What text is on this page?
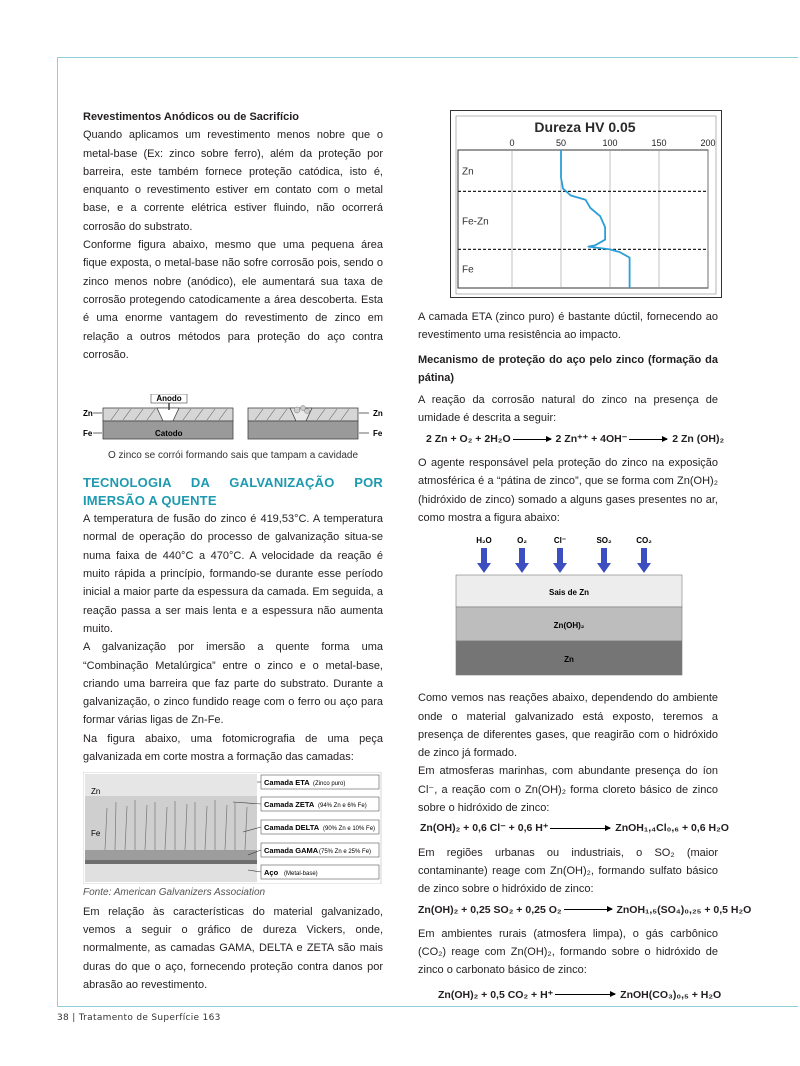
Revestimentos Anódicos ou de Sacrifício

Quando aplicamos um revestimento menos nobre que o metal-base (Ex: zinco sobre ferro), além da proteção por barreira, este também fornece proteção catódica, isto é, enquanto o revestimento estiver em contato com o metal base, e a corrente elétrica estiver fluindo, não ocorrerá corrosão do substrato.

Conforme figura abaixo, mesmo que uma pequena área fique exposta, o metal-base não sofre corrosão pois, sendo o zinco menos nobre (anódico), ele aumentará sua taxa de corrosão protegendo catodicamente a área descoberta. Esta é uma enorme vantagem do revestimento de zinco em relação a outros métodos para proteção do aço contra corrosão.

Anodo
Zn
Fe	Catodo
Zn
Fe
O zinco se corrói formando sais que tampam a cavidade

TECNOLOGIA DA GALVANIZAÇÃO POR IMERSÃO A QUENTE

A temperatura de fusão do zinco é 419,53°C. A temperatura normal de operação do processo de galvanização situa-se numa faixa de 440°C a 470°C. A velocidade da reação é muito rápida a princípio, formando-se durante esse período inicial a maior parte da espessura da camada. Em seguida, a reação passa a ser mais lenta e a espessura não aumenta muito.

A galvanização por imersão a quente forma uma “Combinação Metalúrgica” entre o zinco e o metal-base, criando uma barreira que faz parte do substrato. Durante a galvanização, o zinco fundido reage com o ferro ou aço para formar várias ligas de Zn-Fe.

Na figura abaixo, uma fotomicrografia de uma peça galvanizada em corte mostra a formação das camadas:

Zn
Fe
Camada ETA (Zinco puro)
Camada ZETA (94% Zn e 6% Fe)
Camada DELTA (90% Zn e 10% Fe)
Camada GAMA (75% Zn e 25% Fe)
Aço (Metal-base)

Fonte: American Galvanizers Association

Em relação às características do material galvanizado, vemos a seguir o gráfico de dureza Vickers, onde, normalmente, as camadas GAMA, DELTA e ZETA são mais duras do que o aço, fornecendo proteção contra danos por abrasão ao revestimento.

Dureza HV 0.05
0	50	100	150	200
Zn
Fe-Zn
Fe

A camada ETA (zinco puro) é bastante dúctil, fornecendo ao revestimento uma resistência ao impacto.

Mecanismo de proteção do aço pelo zinco (formação da pátina)

A reação da corrosão natural do zinco na presença de umidade é descrita a seguir:

2 Zn + O₂ + 2H₂O → 2 Zn⁺⁺ + 4OH⁻ → 2 Zn (OH)₂

O agente responsável pela proteção do zinco na exposição atmosférica é a “pátina de zinco”, que se forma com Zn(OH)₂ (hidróxido de zinco) somado a alguns gases presentes no ar, como mostra a figura abaixo:

H₂O	O₂	Cl⁻	SO₂	CO₂
Sais de Zn
Zn(OH)₂
Zn

Como vemos nas reações abaixo, dependendo do ambiente onde o material galvanizado está exposto, teremos a presença de diferentes gases, que reagirão com o hidróxido de zinco já formado.

Em atmosferas marinhas, com abundante presença do íon Cl⁻, a reação com o Zn(OH)₂ forma cloreto básico de zinco sobre o hidróxido de zinco:

Zn(OH)₂ + 0,6 Cl⁻ + 0,6 H⁺	ZnOH₁,₄Cl₀,₆ + 0,6 H₂O

Em regiões urbanas ou industriais, o SO₂ (maior contaminante) reage com Zn(OH)₂, formando sulfato básico de zinco sobre o hidróxido de zinco:

Zn(OH)₂ + 0,25 SO₂ + 0,25 O₂	ZnOH₁,₅(SO₄)₀,₂₅ + 0,5 H₂O

Em ambientes rurais (atmosfera limpa), o gás carbônico (CO₂) reage com Zn(OH)₂, formando sobre o hidróxido de zinco o carbonato básico de zinco:

Zn(OH)₂ + 0,5 CO₂ + H⁺	ZnOH(CO₃)₀,₅ + H₂O
38 | Tratamento de Superfície 163
